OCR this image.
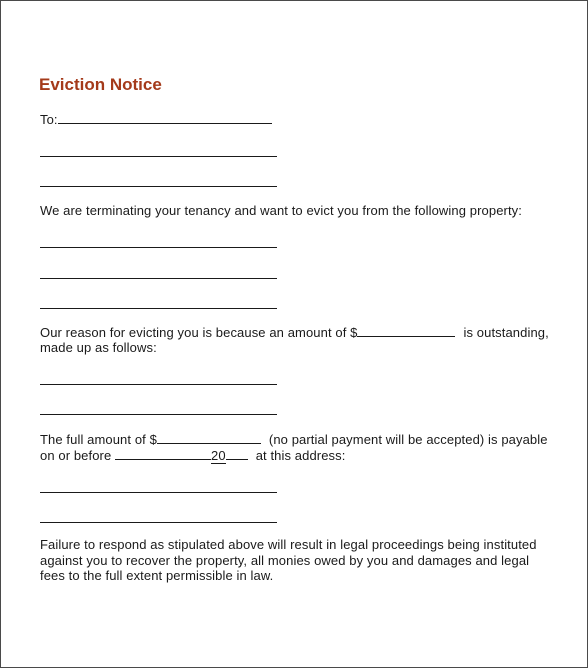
Eviction Notice
To:
We are terminating your tenancy and want to evict you from the following property:
Our reason for evicting you is because an amount of $	is outstanding,
made up as follows:
The full amount of $	(no partial payment will be accepted) is payable
on or before	20 at this address:
Failure to respond as stipulated above will result in legal proceedings being instituted
against you to recover the property, all monies owed by you and damages and legal
fees to the full extent permissible in law.
